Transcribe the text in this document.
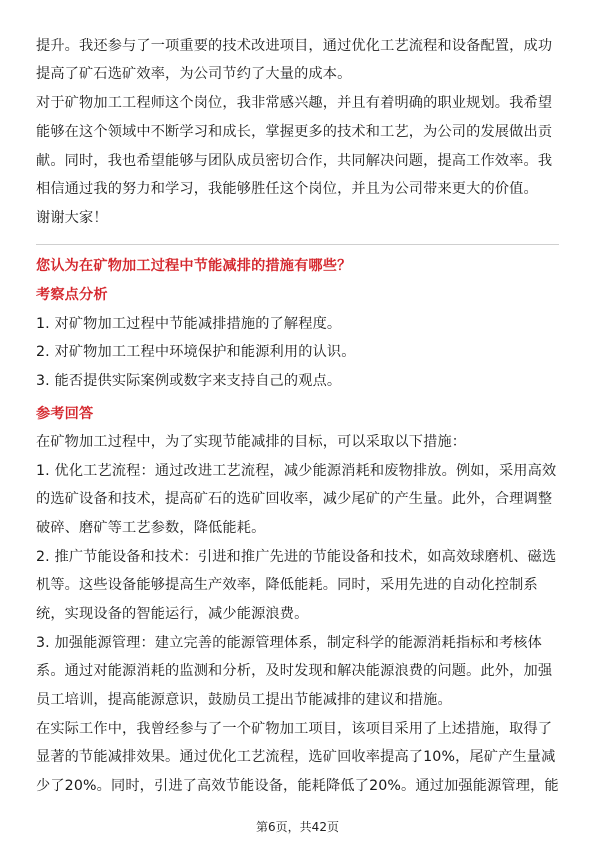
提升。我还参与了一项重要的技术改进项目，通过优化工艺流程和设备配置，成功
提高了矿石选矿效率，为公司节约了大量的成本。
对于矿物加工工程师这个岗位，我非常感兴趣，并且有着明确的职业规划。我希望
能够在这个领域中不断学习和成长，掌握更多的技术和工艺，为公司的发展做出贡
献。同时，我也希望能够与团队成员密切合作，共同解决问题，提高工作效率。我
相信通过我的努力和学习，我能够胜任这个岗位，并且为公司带来更大的价值。
谢谢大家！
您认为在矿物加工过程中节能减排的措施有哪些？
考察点分析
1. 对矿物加工过程中节能减排措施的了解程度。
2. 对矿物加工工程中环境保护和能源利用的认识。
3. 能否提供实际案例或数字来支持自己的观点。
参考回答
在矿物加工过程中，为了实现节能减排的目标，可以采取以下措施：
1. 优化工艺流程：通过改进工艺流程，减少能源消耗和废物排放。例如，采用高效
的选矿设备和技术，提高矿石的选矿回收率，减少尾矿的产生量。此外，合理调整
破碎、磨矿等工艺参数，降低能耗。
2. 推广节能设备和技术：引进和推广先进的节能设备和技术，如高效球磨机、磁选
机等。这些设备能够提高生产效率，降低能耗。同时，采用先进的自动化控制系
统，实现设备的智能运行，减少能源浪费。
3. 加强能源管理：建立完善的能源管理体系，制定科学的能源消耗指标和考核体
系。通过对能源消耗的监测和分析，及时发现和解决能源浪费的问题。此外，加强
员工培训，提高能源意识，鼓励员工提出节能减排的建议和措施。
在实际工作中，我曾经参与了一个矿物加工项目，该项目采用了上述措施，取得了
显著的节能减排效果。通过优化工艺流程，选矿回收率提高了10%，尾矿产生量减
少了20%。同时，引进了高效节能设备，能耗降低了20%。通过加强能源管理，能
第6页，共42页
